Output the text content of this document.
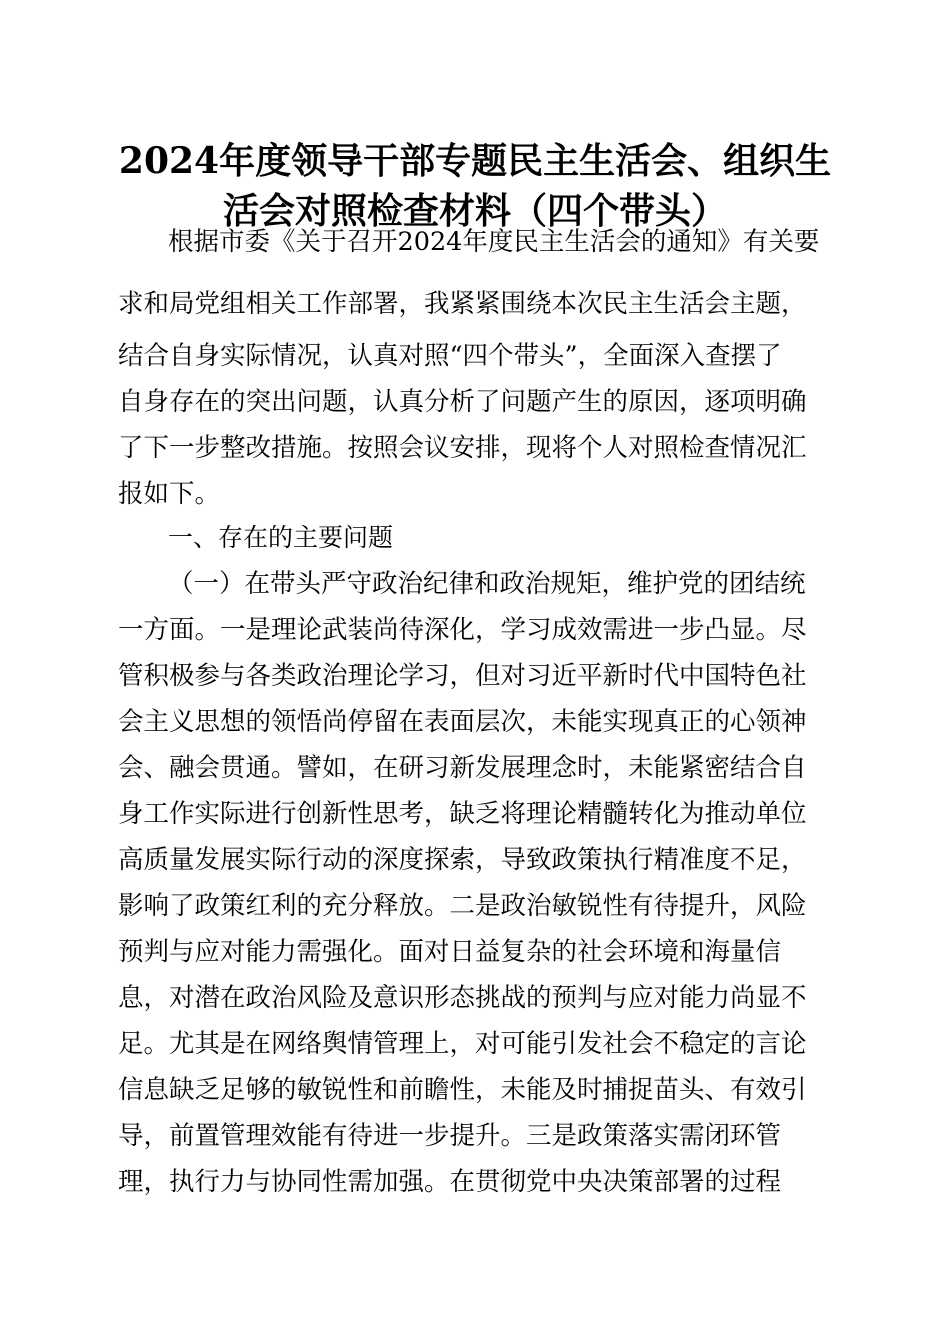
2024年度领导干部专题民主生活会、组织生
活会对照检查材料（四个带头）
根据市委《关于召开2024年度民主生活会的通知》有关要
求和局党组相关工作部署，我紧紧围绕本次民主生活会主题，
结合自身实际情况，认真对照“四个带头”，全面深入查摆了
自身存在的突出问题，认真分析了问题产生的原因，逐项明确
了下一步整改措施。按照会议安排，现将个人对照检查情况汇
报如下。
一、存在的主要问题
（一）在带头严守政治纪律和政治规矩，维护党的团结统
一方面。一是理论武装尚待深化，学习成效需进一步凸显。尽
管积极参与各类政治理论学习，但对习近平新时代中国特色社
会主义思想的领悟尚停留在表面层次，未能实现真正的心领神
会、融会贯通。譬如，在研习新发展理念时，未能紧密结合自
身工作实际进行创新性思考，缺乏将理论精髓转化为推动单位
高质量发展实际行动的深度探索，导致政策执行精准度不足，
影响了政策红利的充分释放。二是政治敏锐性有待提升，风险
预判与应对能力需强化。面对日益复杂的社会环境和海量信
息，对潜在政治风险及意识形态挑战的预判与应对能力尚显不
足。尤其是在网络舆情管理上，对可能引发社会不稳定的言论
信息缺乏足够的敏锐性和前瞻性，未能及时捕捉苗头、有效引
导，前置管理效能有待进一步提升。三是政策落实需闭环管
理，执行力与协同性需加强。在贯彻党中央决策部署的过程
